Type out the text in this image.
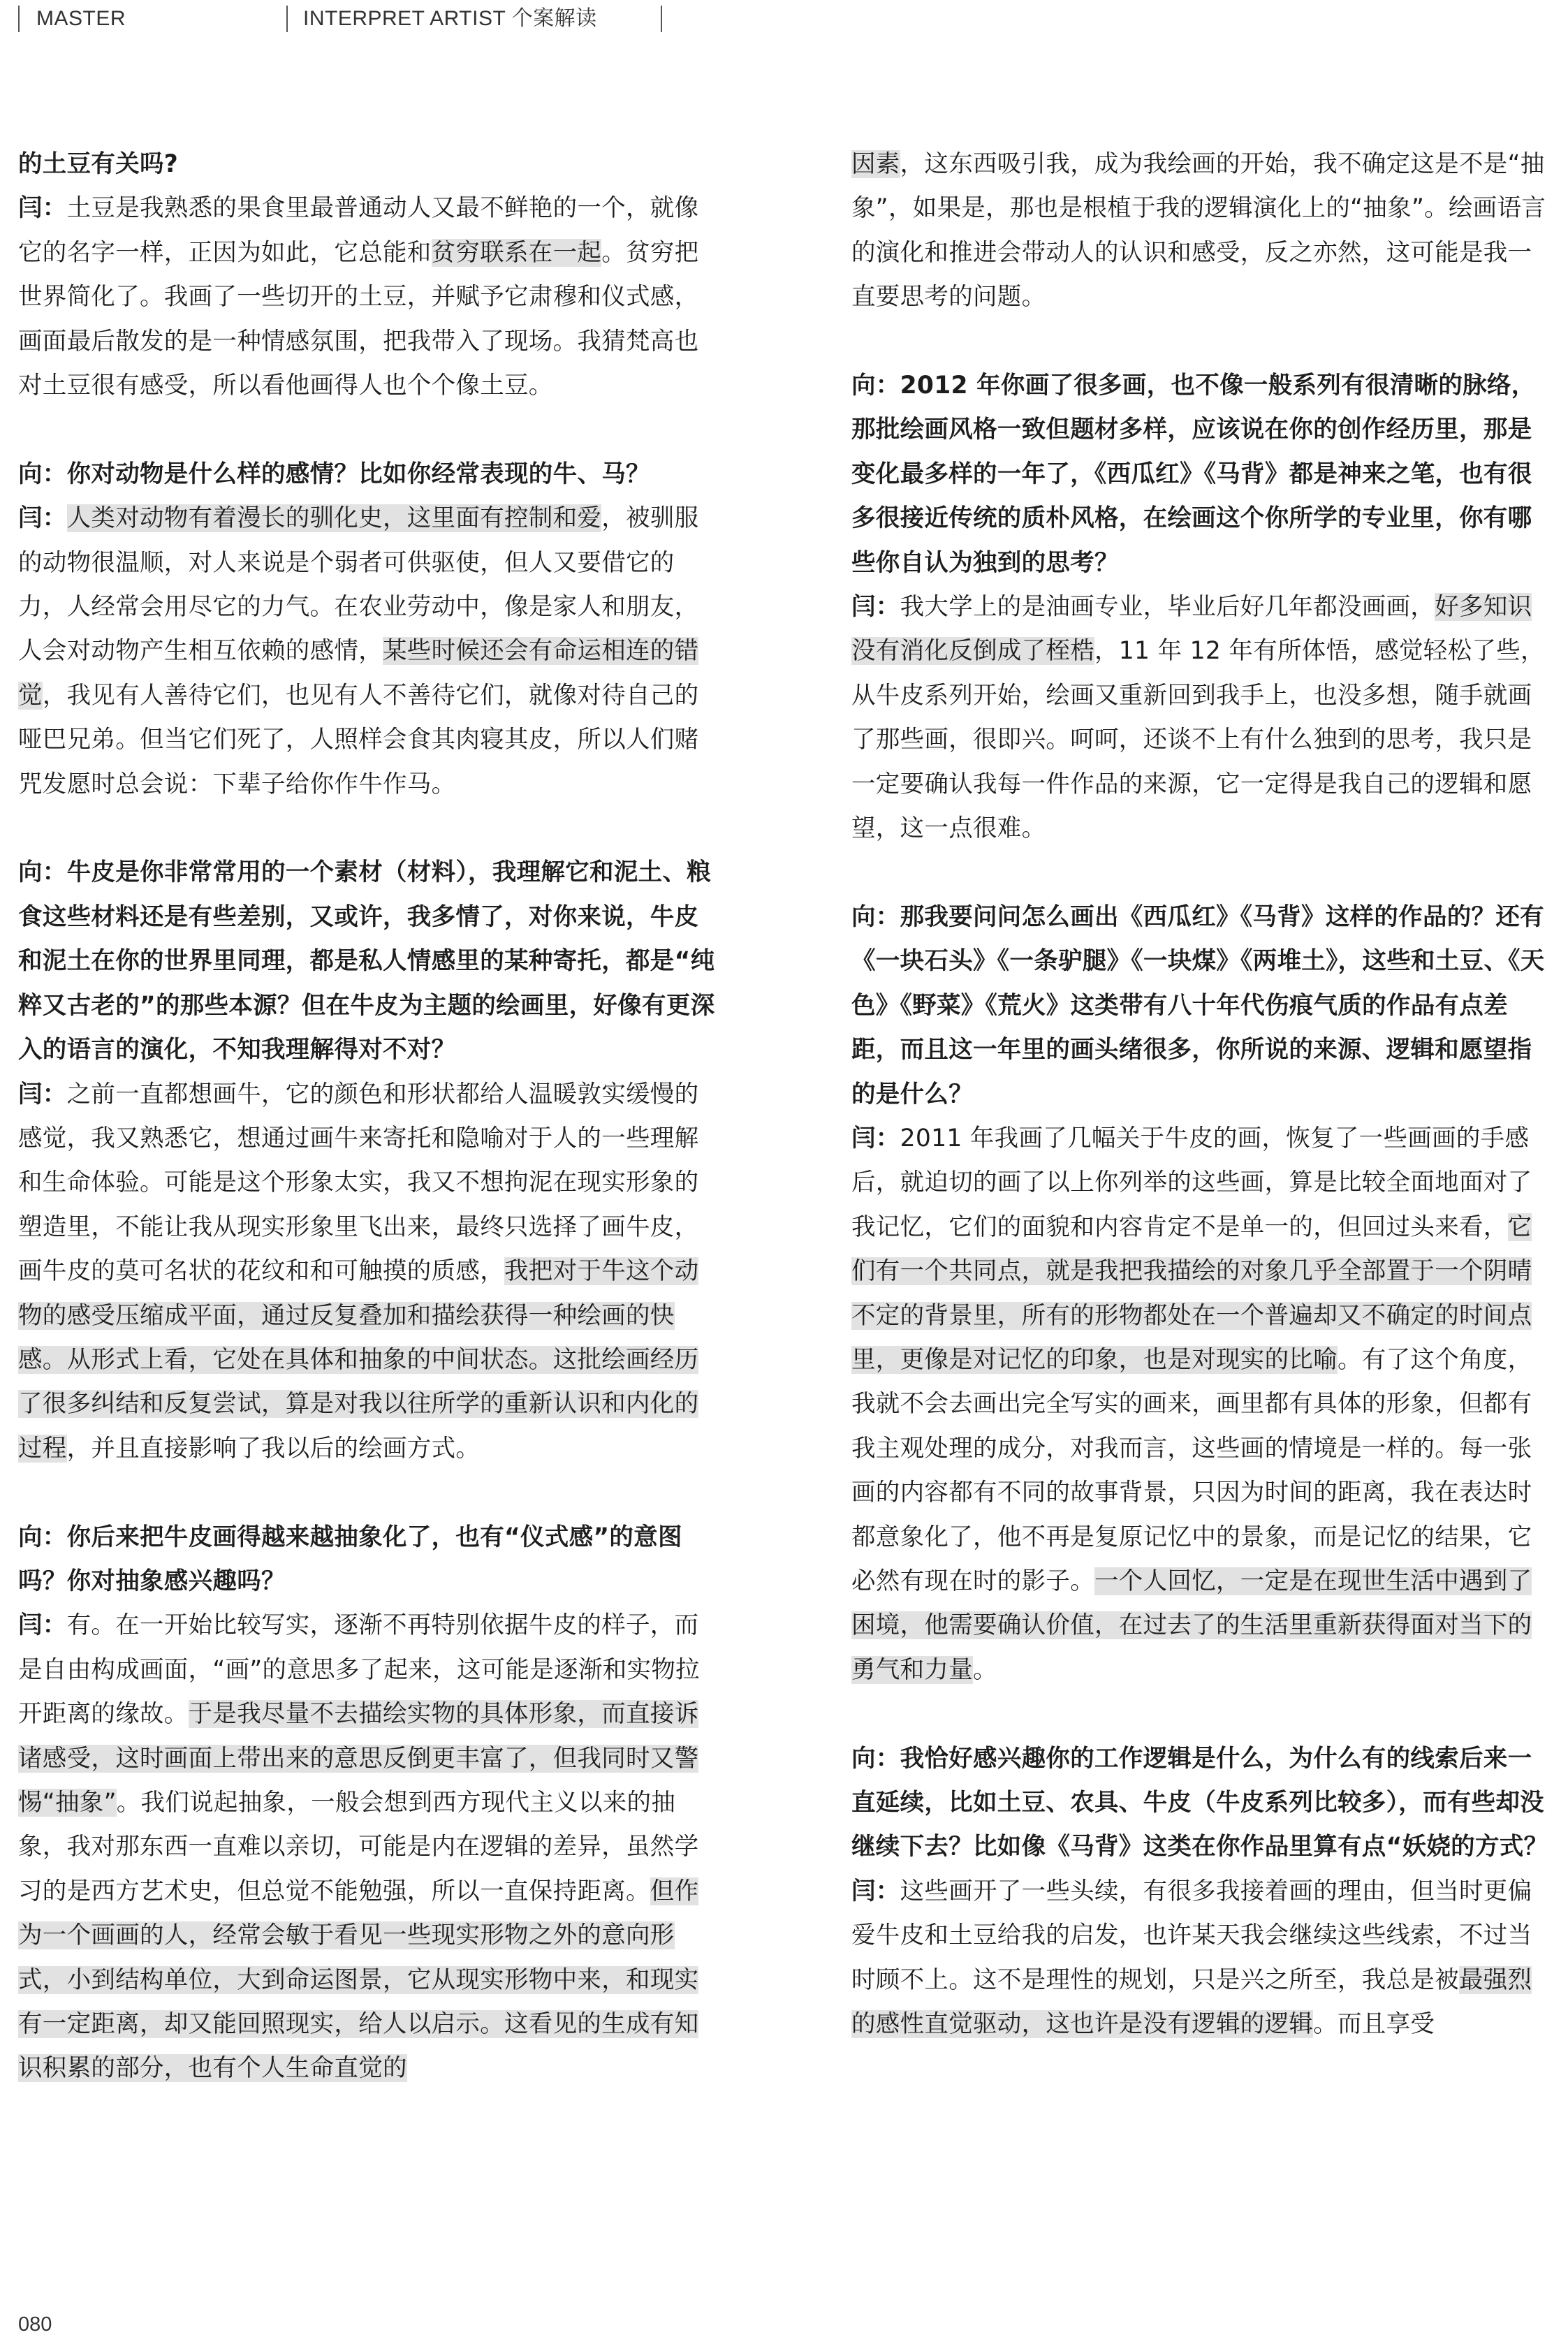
MASTER	INTERPRET ARTIST 个案解读

的土豆有关吗?
闫：土豆是我熟悉的果食里最普通动人又最不鲜艳的一个，就像它的名字一样，正因为如此，它总能和贫穷联系在一起。贫穷把世界简化了。我画了一些切开的土豆，并赋予它肃穆和仪式感，画面最后散发的是一种情感氛围，把我带入了现场。我猜梵高也对土豆很有感受，所以看他画得人也个个像土豆。

向：你对动物是什么样的感情？比如你经常表现的牛、马？
闫：人类对动物有着漫长的驯化史，这里面有控制和爱，被驯服的动物很温顺，对人来说是个弱者可供驱使，但人又要借它的力，人经常会用尽它的力气。在农业劳动中，像是家人和朋友，人会对动物产生相互依赖的感情，某些时候还会有命运相连的错觉，我见有人善待它们，也见有人不善待它们，就像对待自己的哑巴兄弟。但当它们死了，人照样会食其肉寝其皮，所以人们赌咒发愿时总会说：下辈子给你作牛作马。

向：牛皮是你非常常用的一个素材（材料），我理解它和泥土、粮食这些材料还是有些差别，又或许，我多情了，对你来说，牛皮和泥土在你的世界里同理，都是私人情感里的某种寄托，都是“纯粹又古老的”的那些本源？但在牛皮为主题的绘画里，好像有更深入的语言的演化，不知我理解得对不对？
闫：之前一直都想画牛，它的颜色和形状都给人温暖敦实缓慢的感觉，我又熟悉它，想通过画牛来寄托和隐喻对于人的一些理解和生命体验。可能是这个形象太实，我又不想拘泥在现实形象的塑造里，不能让我从现实形象里飞出来，最终只选择了画牛皮，画牛皮的莫可名状的花纹和和可触摸的质感，我把对于牛这个动物的感受压缩成平面，通过反复叠加和描绘获得一种绘画的快感。从形式上看，它处在具体和抽象的中间状态。这批绘画经历了很多纠结和反复尝试，算是对我以往所学的重新认识和内化的过程，并且直接影响了我以后的绘画方式。

向：你后来把牛皮画得越来越抽象化了，也有“仪式感”的意图吗？你对抽象感兴趣吗？
闫：有。在一开始比较写实，逐渐不再特别依据牛皮的样子，而是自由构成画面，“画”的意思多了起来，这可能是逐渐和实物拉开距离的缘故。于是我尽量不去描绘实物的具体形象，而直接诉诸感受，这时画面上带出来的意思反倒更丰富了，但我同时又警惕“抽象”。我们说起抽象，一般会想到西方现代主义以来的抽象，我对那东西一直难以亲切，可能是内在逻辑的差异，虽然学习的是西方艺术史，但总觉不能勉强，所以一直保持距离。但作为一个画画的人，经常会敏于看见一些现实形物之外的意向形式，小到结构单位，大到命运图景，它从现实形物中来，和现实有一定距离，却又能回照现实，给人以启示。这看见的生成有知识积累的部分，也有个人生命直觉的

因素，这东西吸引我，成为我绘画的开始，我不确定这是不是“抽象”，如果是，那也是根植于我的逻辑演化上的“抽象”。绘画语言的演化和推进会带动人的认识和感受，反之亦然，这可能是我一直要思考的问题。

向：2012 年你画了很多画，也不像一般系列有很清晰的脉络，那批绘画风格一致但题材多样，应该说在你的创作经历里，那是变化最多样的一年了，《西瓜红》《马背》都是神来之笔，也有很多很接近传统的质朴风格，在绘画这个你所学的专业里，你有哪些你自认为独到的思考？
闫：我大学上的是油画专业，毕业后好几年都没画画，好多知识没有消化反倒成了桎梏，11 年 12 年有所体悟，感觉轻松了些，从牛皮系列开始，绘画又重新回到我手上，也没多想，随手就画了那些画，很即兴。呵呵，还谈不上有什么独到的思考，我只是一定要确认我每一件作品的来源，它一定得是我自己的逻辑和愿望，这一点很难。

向：那我要问问怎么画出《西瓜红》《马背》这样的作品的？还有《一块石头》《一条驴腿》《一块煤》《两堆土》，这些和土豆、《天色》《野菜》《荒火》这类带有八十年代伤痕气质的作品有点差距，而且这一年里的画头绪很多，你所说的来源、逻辑和愿望指的是什么？
闫：2011 年我画了几幅关于牛皮的画，恢复了一些画画的手感后，就迫切的画了以上你列举的这些画，算是比较全面地面对了我记忆，它们的面貌和内容肯定不是单一的，但回过头来看，它们有一个共同点，就是我把我描绘的对象几乎全部置于一个阴晴不定的背景里，所有的形物都处在一个普遍却又不确定的时间点里，更像是对记忆的印象，也是对现实的比喻。有了这个角度，我就不会去画出完全写实的画来，画里都有具体的形象，但都有我主观处理的成分，对我而言，这些画的情境是一样的。每一张画的内容都有不同的故事背景，只因为时间的距离，我在表达时都意象化了，他不再是复原记忆中的景象，而是记忆的结果，它必然有现在时的影子。一个人回忆，一定是在现世生活中遇到了困境，他需要确认价值，在过去了的生活里重新获得面对当下的勇气和力量。

向：我恰好感兴趣你的工作逻辑是什么，为什么有的线索后来一直延续，比如土豆、农具、牛皮（牛皮系列比较多），而有些却没继续下去？比如像《马背》这类在你作品里算有点“妖娆的方式？
闫：这些画开了一些头续，有很多我接着画的理由，但当时更偏爱牛皮和土豆给我的启发，也许某天我会继续这些线索，不过当时顾不上。这不是理性的规划，只是兴之所至，我总是被最强烈的感性直觉驱动，这也许是没有逻辑的逻辑。而且享受

080
